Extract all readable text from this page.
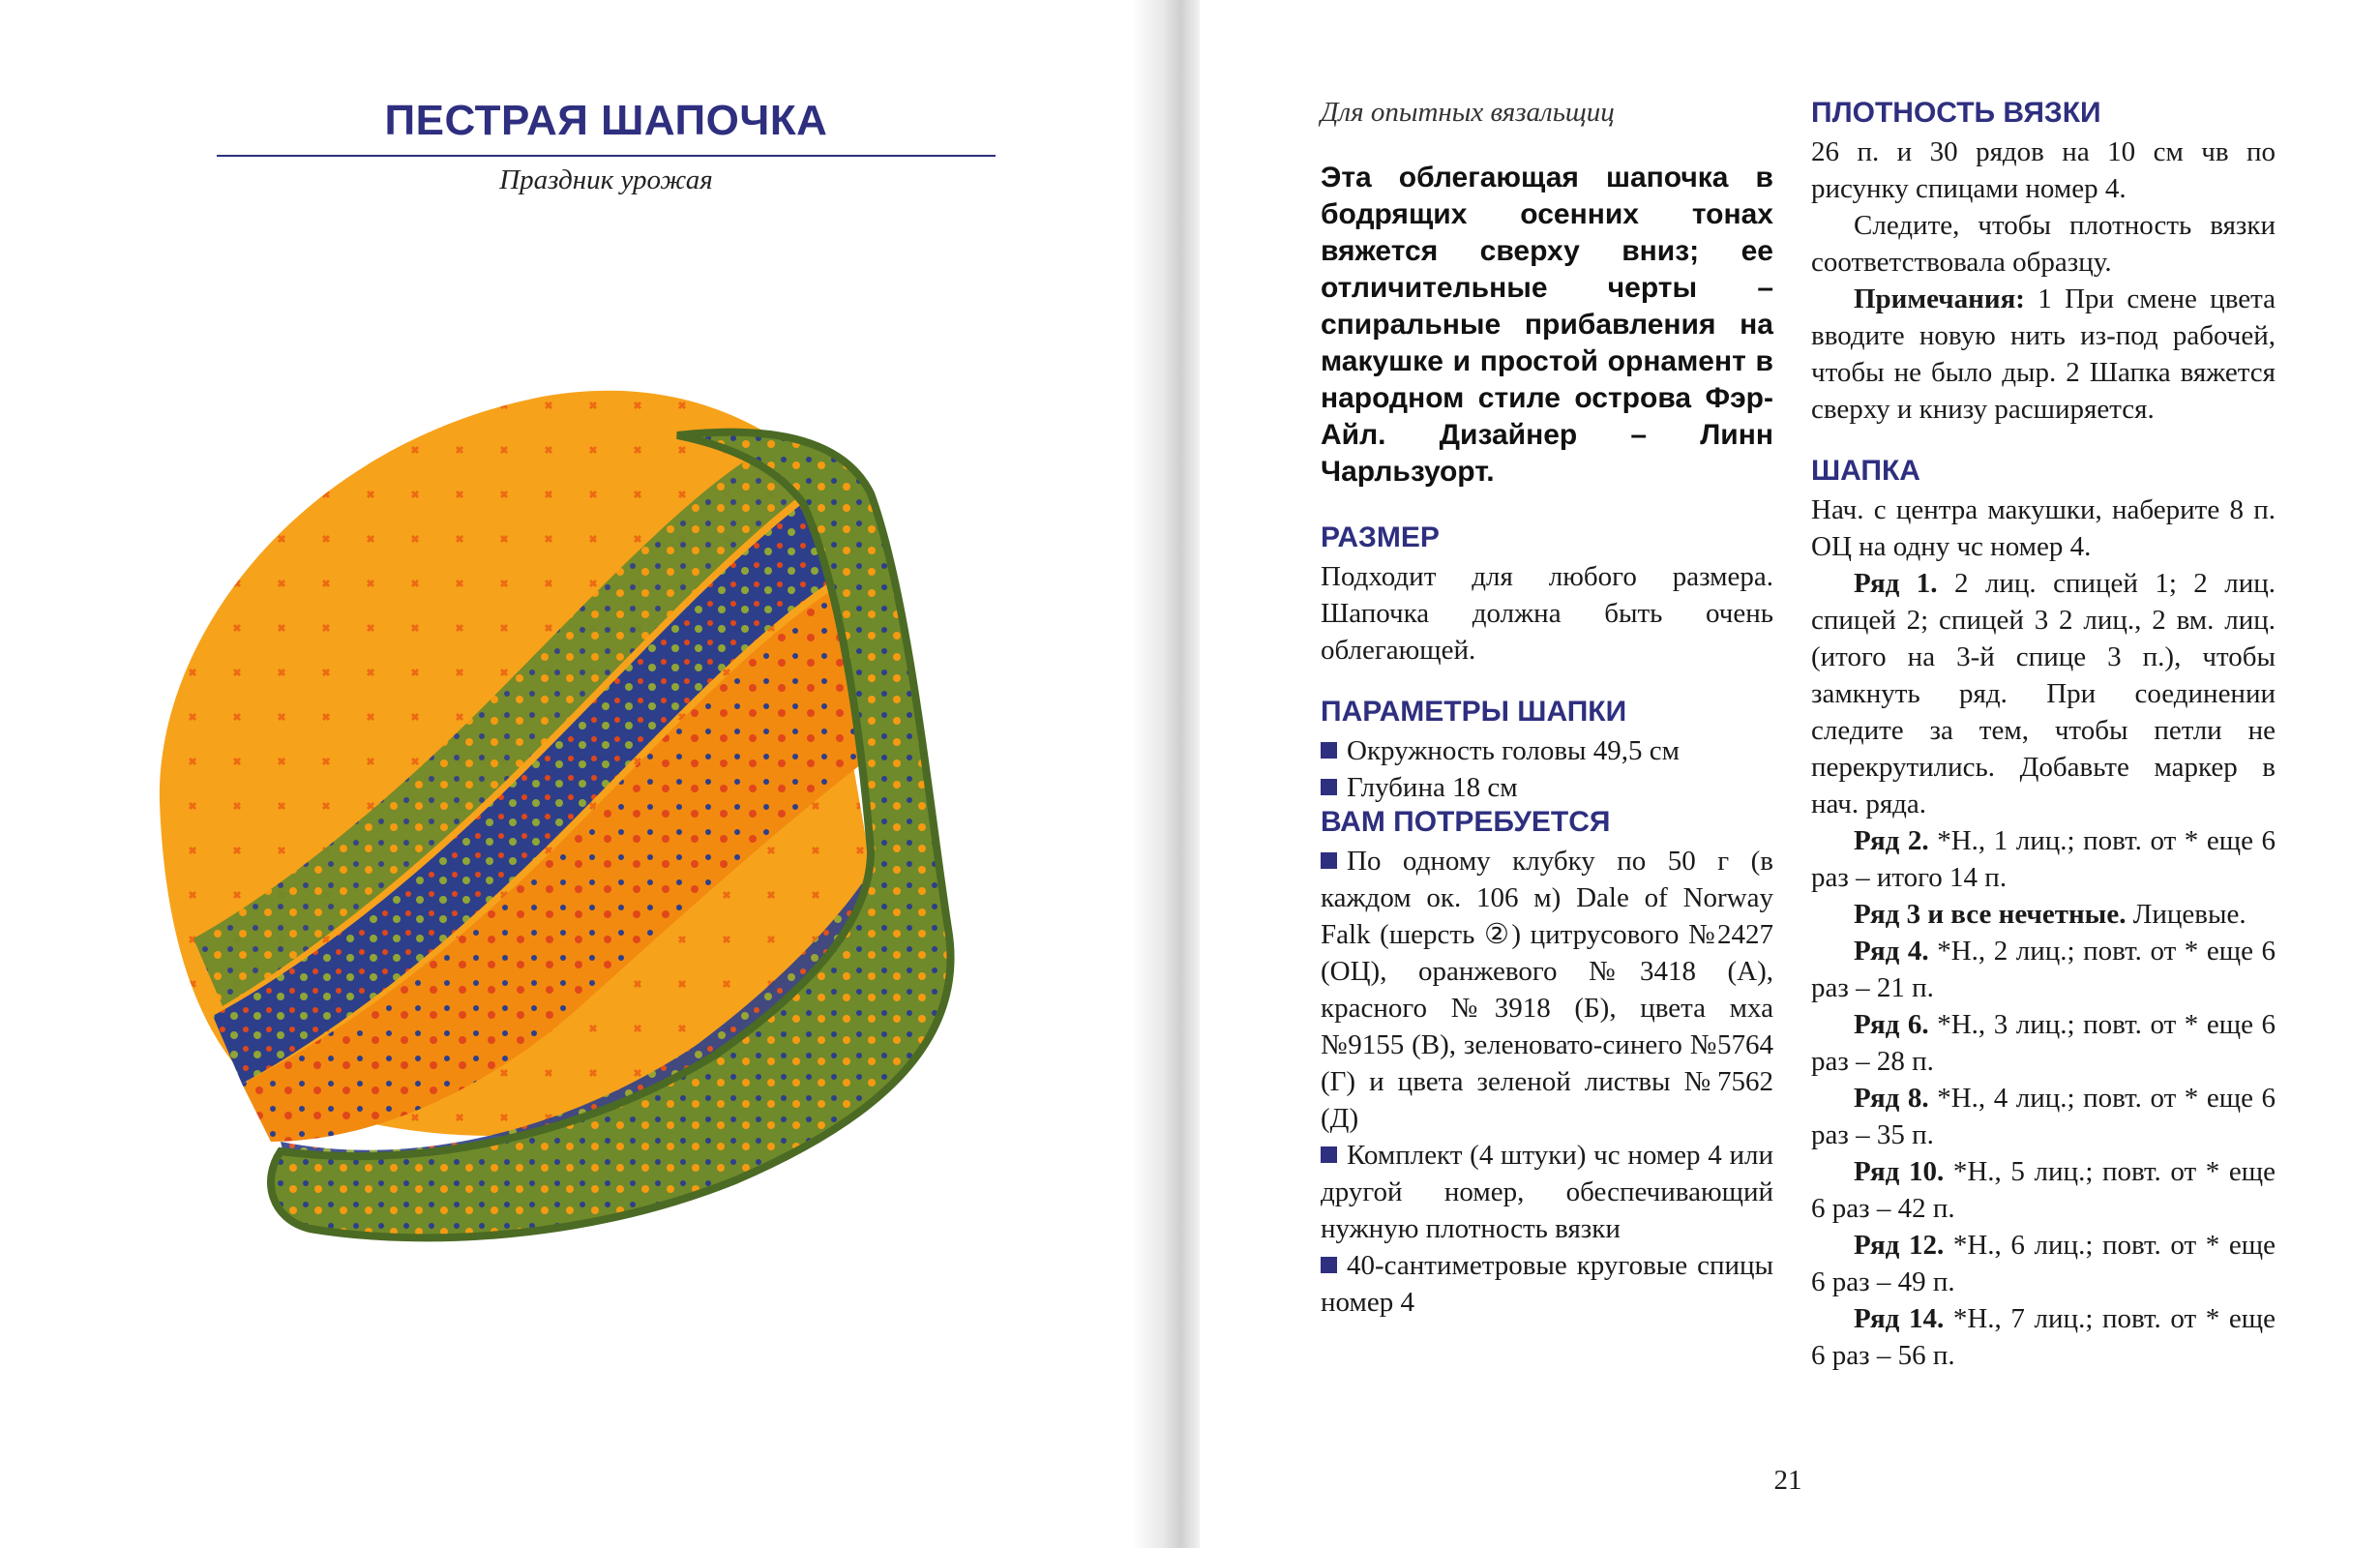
ПЕСТРАЯ ШАПОЧКА
Праздник урожая

Для опытных вязальщиц

Эта облегающая шапочка в бодрящих осенних тонах вяжется сверху вниз; ее отличительные черты – спиральные прибавления на макушке и простой орнамент в народном стиле острова Фэр-Айл. Дизайнер – Линн Чарльзуорт.

РАЗМЕР

Подходит для любого размера. Шапочка должна быть очень облегающей.

ПАРАМЕТРЫ ШАПКИ

Окружность головы 49,5 см

Глубина 18 см

ВАМ ПОТРЕБУЕТСЯ

По одному клубку по 50 г (в каждом ок. 106 м) Dale of Norway Falk (шерсть ②) цитрусового №2427 (ОЦ), оранжевого №3418 (А), красного №3918 (Б), цвета мха №9155 (В), зеленовато-синего №5764 (Г) и цвета зеленой листвы №7562 (Д)

Комплект (4 штуки) чс номер 4 или другой номер, обеспечивающий нужную плотность вязки

40-сантиметровые круговые спицы номер 4

ПЛОТНОСТЬ ВЯЗКИ

26 п. и 30 рядов на 10 см чв по рисунку спицами номер 4.

Следите, чтобы плотность вязки соответствовала образцу.

Примечания: 1 При смене цвета вводите новую нить из-под рабочей, чтобы не было дыр. 2 Шапка вяжется сверху и книзу расширяется.

ШАПКА

Нач. с центра макушки, наберите 8 п. ОЦ на одну чс номер 4.

Ряд 1. 2 лиц. спицей 1; 2 лиц. спицей 2; спицей 3 2 лиц., 2 вм. лиц. (итого на 3-й спице 3 п.), чтобы замкнуть ряд. При соединении следите за тем, чтобы петли не перекрутились. Добавьте маркер в нач. ряда.

Ряд 2. *Н., 1 лиц.; повт. от * еще 6 раз – итого 14 п.

Ряд 3 и все нечетные. Лицевые.

Ряд 4. *Н., 2 лиц.; повт. от * еще 6 раз – 21 п.

Ряд 6. *Н., 3 лиц.; повт. от * еще 6 раз – 28 п.

Ряд 8. *Н., 4 лиц.; повт. от * еще 6 раз – 35 п.

Ряд 10. *Н., 5 лиц.; повт. от * еще 6 раз – 42 п.

Ряд 12. *Н., 6 лиц.; повт. от * еще 6 раз – 49 п.

Ряд 14. *Н., 7 лиц.; повт. от * еще 6 раз – 56 п.

21
